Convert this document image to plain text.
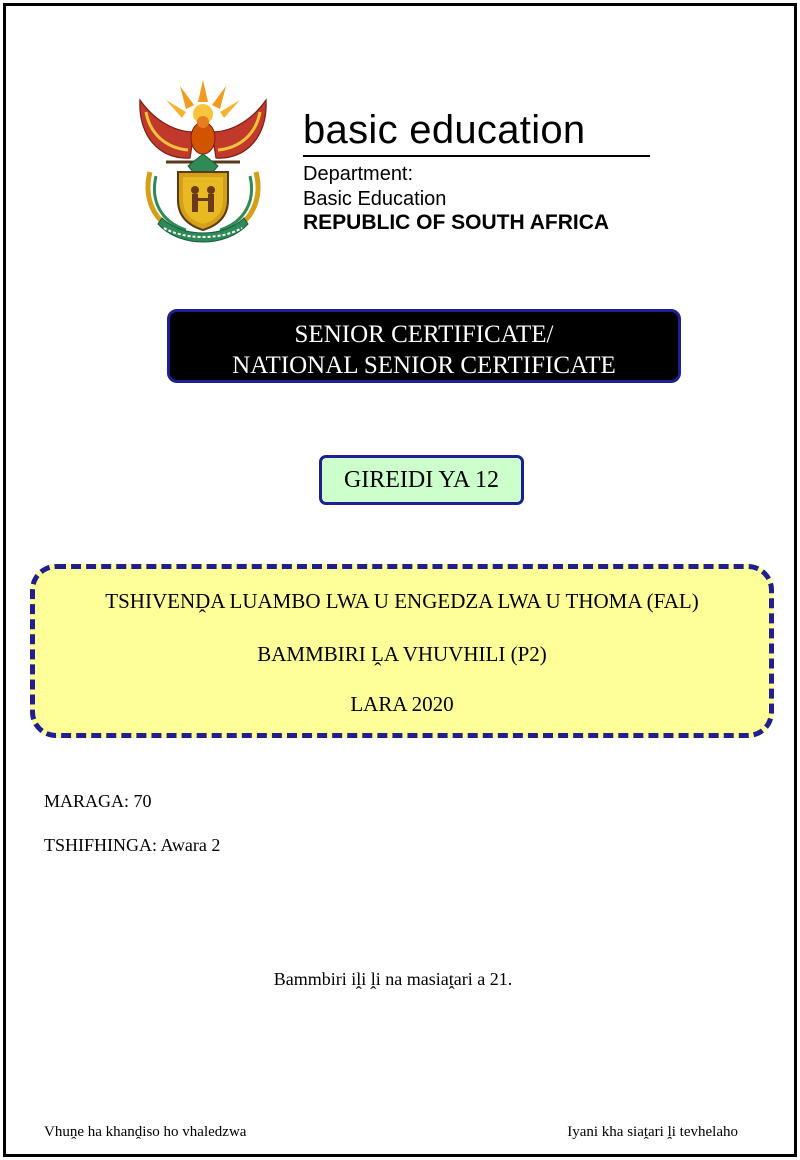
basic education
Department:
Basic Education
REPUBLIC OF SOUTH AFRICA
SENIOR CERTIFICATE/
NATIONAL SENIOR CERTIFICATE
GIREIDI YA 12
TSHIVENḒA LUAMBO LWA U ENGEDZA LWA U THOMA (FAL)
BAMMBIRI ḼA VHUVHILI (P2)
LARA 2020
MARAGA: 70
TSHIFHINGA: Awara 2
Bammbiri iḽi ḽi na masiaṱari a 21.
Vhuṋe ha khanḓiso ho vhaledzwa	Iyani kha siaṱari ḽi tevhelaho
